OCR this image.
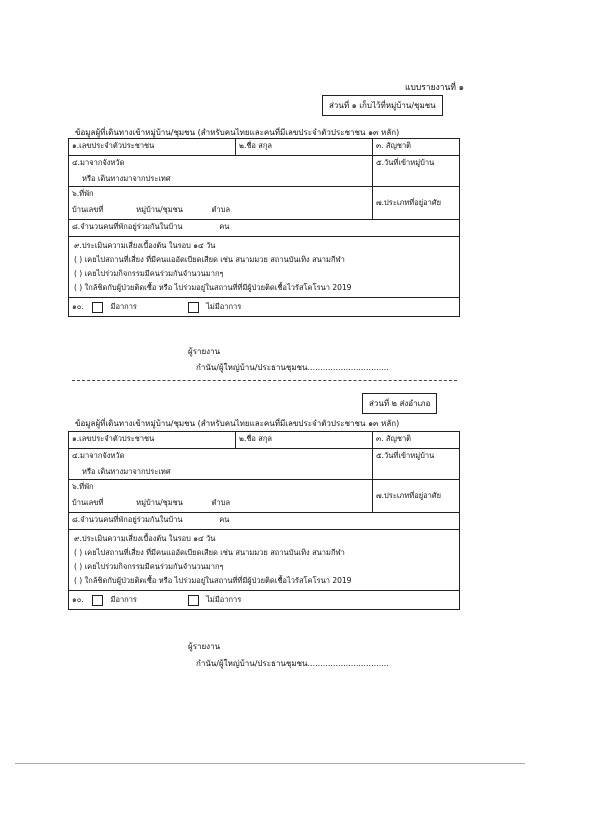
แบบรายงานที่ ๑
ส่วนที่ ๑ เก็บไว้ที่หมู่บ้าน/ชุมชน
ข้อมูลผู้ที่เดินทางเข้าหมู่บ้าน/ชุมชน (สำหรับคนไทยและคนที่มีเลขประจำตัวประชาชน ๑๓ หลัก)
๑.เลขประจำตัวประชาชน	๒.ชื่อ สกุล	๓. สัญชาติ

๔.มาจากจังหวัด
หรือ เดินทางมาจากประเทศ		๕.วันที่เข้าหมู่บ้าน

๖.ที่พัก
บ้านเลขที่ หมู่บ้าน/ชุมชน ตำบล		๗.ประเภทที่อยู่อาศัย
๘.จำนวนคนที่พักอยู่ร่วมกันในบ้าน คน		

๙.ประเมินความเสี่ยงเบื้องต้น ในรอบ ๑๔ วัน
( ) เคยไปสถานที่เสี่ยง ที่มีคนแออัดเบียดเสียด เช่น สนามมวย สถานบันเทิง สนามกีฬา
( ) เคยไปร่วมกิจกรรมมีคนร่วมกันจำนวนมากๆ
( ) ใกล้ชิดกับผู้ป่วยติดเชื้อ หรือ ไปร่วมอยู่ในสถานที่ที่มีผู้ป่วยติดเชื้อไวรัสโคโรนา 2019		

๑๐. มีอาการ ไม่มีอาการ		
ผู้รายงาน
กำนัน/ผู้ใหญ่บ้าน/ประธานชุมชน................................
ส่วนที่ ๒ ส่งอำเภอ
ข้อมูลผู้ที่เดินทางเข้าหมู่บ้าน/ชุมชน (สำหรับคนไทยและคนที่มีเลขประจำตัวประชาชน ๑๓ หลัก)
๑.เลขประจำตัวประชาชน	๒.ชื่อ สกุล	๓. สัญชาติ

๔.มาจากจังหวัด
หรือ เดินทางมาจากประเทศ		๕.วันที่เข้าหมู่บ้าน

๖.ที่พัก
บ้านเลขที่ หมู่บ้าน/ชุมชน ตำบล		๗.ประเภทที่อยู่อาศัย
๘.จำนวนคนที่พักอยู่ร่วมกันในบ้าน คน		

๙.ประเมินความเสี่ยงเบื้องต้น ในรอบ ๑๔ วัน
( ) เคยไปสถานที่เสี่ยง ที่มีคนแออัดเบียดเสียด เช่น สนามมวย สถานบันเทิง สนามกีฬา
( ) เคยไปร่วมกิจกรรมมีคนร่วมกันจำนวนมากๆ
( ) ใกล้ชิดกับผู้ป่วยติดเชื้อ หรือ ไปร่วมอยู่ในสถานที่ที่มีผู้ป่วยติดเชื้อไวรัสโคโรนา 2019		

๑๐. มีอาการ ไม่มีอาการ		
ผู้รายงาน
กำนัน/ผู้ใหญ่บ้าน/ประธานชุมชน................................
